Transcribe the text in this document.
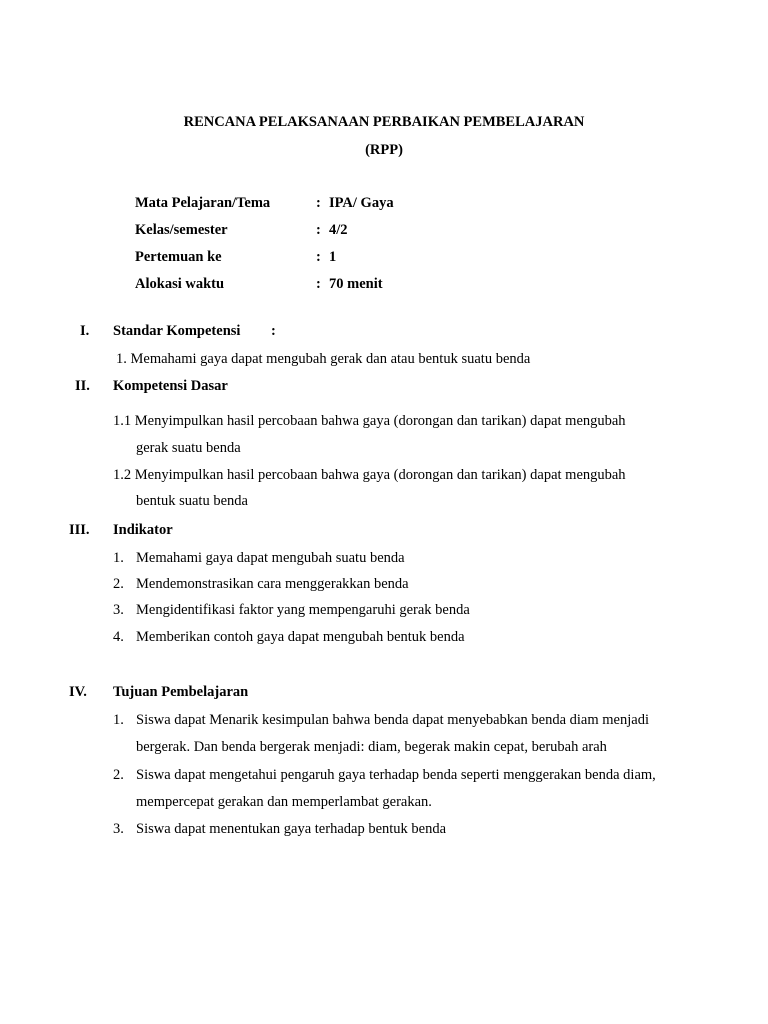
RENCANA PELAKSANAAN PERBAIKAN PEMBELAJARAN
(RPP)
Mata Pelajaran/Tema	: IPA/ Gaya
Kelas/semester	: 4/2
Pertemuan ke	: 1
Alokasi waktu	: 70 menit
I. Standar Kompetensi :
1. Memahami gaya dapat mengubah gerak dan atau bentuk suatu benda
II. Kompetensi Dasar
1.1 Menyimpulkan hasil percobaan bahwa gaya (dorongan dan tarikan) dapat mengubah
gerak suatu benda
1.2 Menyimpulkan hasil percobaan bahwa gaya (dorongan dan tarikan) dapat mengubah
bentuk suatu benda
III. Indikator
1. Memahami gaya dapat mengubah suatu benda
2. Mendemonstrasikan cara menggerakkan benda
3. Mengidentifikasi faktor yang mempengaruhi gerak benda
4. Memberikan contoh gaya dapat mengubah bentuk benda
IV. Tujuan Pembelajaran
1. Siswa dapat Menarik kesimpulan bahwa benda dapat menyebabkan benda diam menjadi
bergerak. Dan benda bergerak menjadi: diam, begerak makin cepat, berubah arah
2. Siswa dapat mengetahui pengaruh gaya terhadap benda seperti menggerakan benda diam,
mempercepat gerakan dan memperlambat gerakan.
3. Siswa dapat menentukan gaya terhadap bentuk benda
